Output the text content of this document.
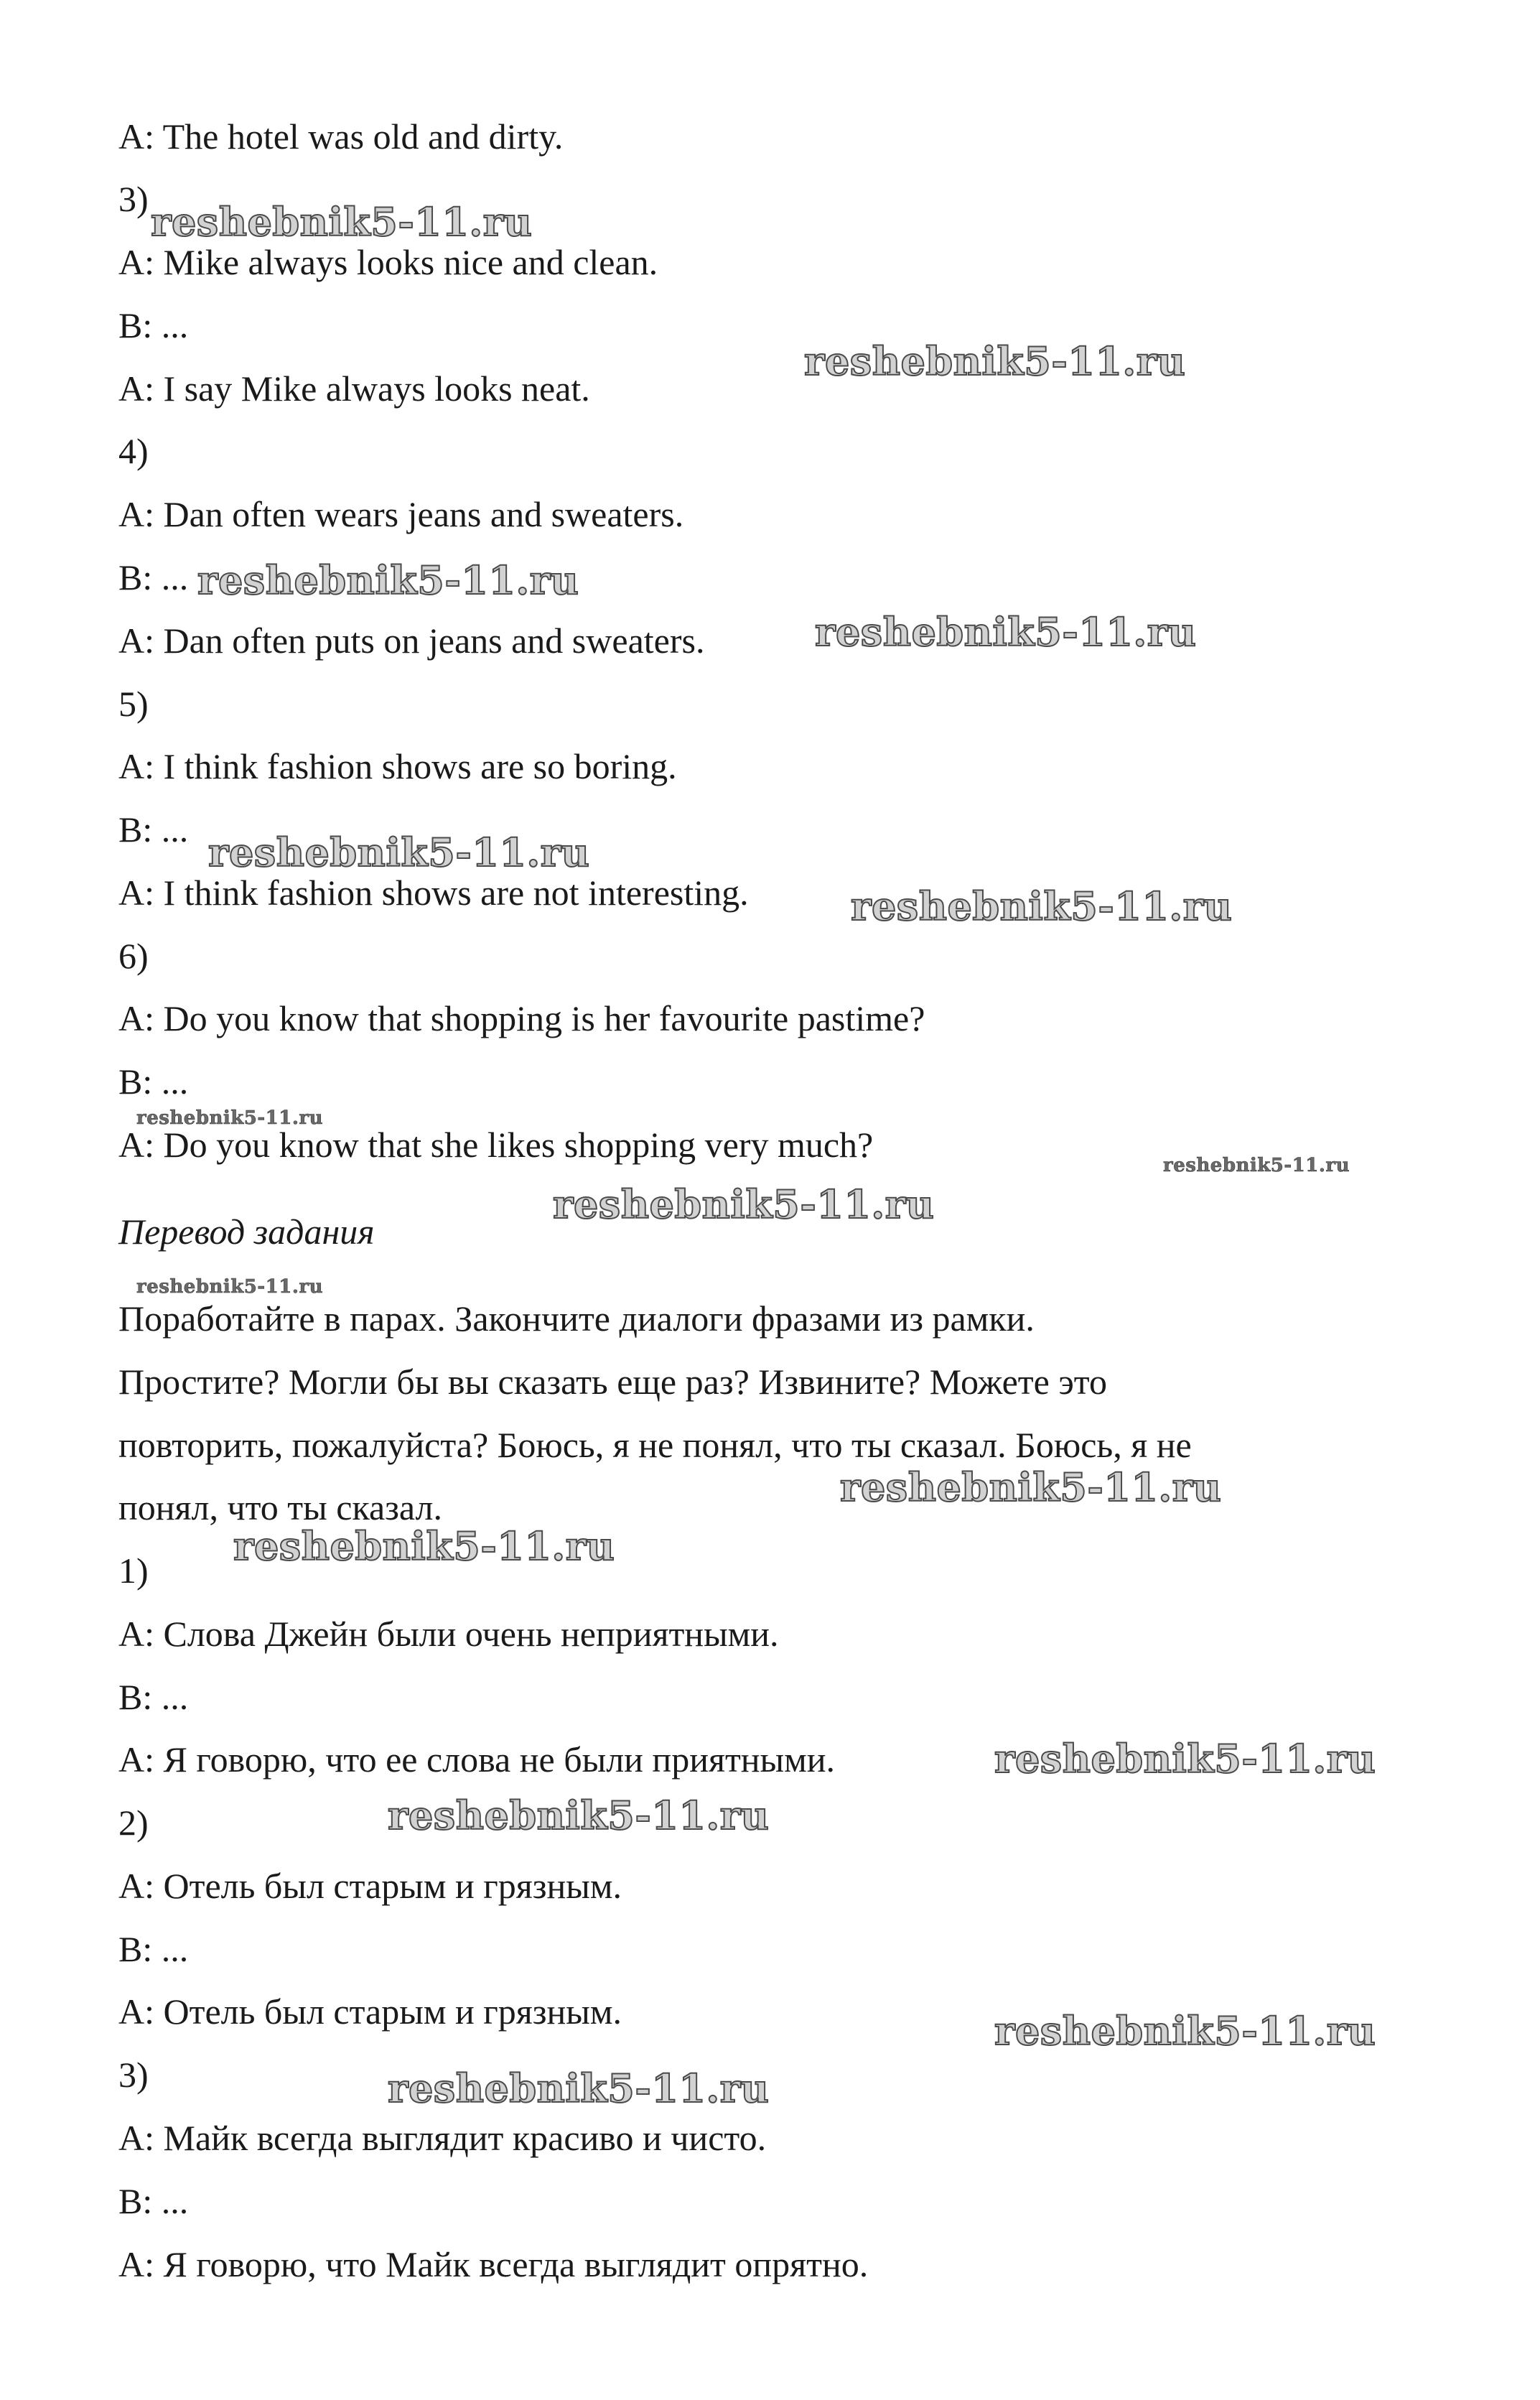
A: The hotel was old and dirty.
3)
A: Mike always looks nice and clean.
B: ...
A: I say Mike always looks neat.
4)
A: Dan often wears jeans and sweaters.
B: ...
A: Dan often puts on jeans and sweaters.
5)
A: I think fashion shows are so boring.
B: ...
A: I think fashion shows are not interesting.
6)
A: Do you know that shopping is her favourite pastime?
B: ...
A: Do you know that she likes shopping very much?
Перевод задания
Поработайте в парах. Закончите диалоги фразами из рамки.
Простите? Могли бы вы сказать еще раз? Извините? Можете это
повторить, пожалуйста? Боюсь, я не понял, что ты сказал. Боюсь, я не
понял, что ты сказал.
1)
A: Слова Джейн были очень неприятными.
B: ...
A: Я говорю, что ее слова не были приятными.
2)
A: Отель был старым и грязным.
B: ...
A: Отель был старым и грязным.
3)
A: Майк всегда выглядит красиво и чисто.
B: ...
A: Я говорю, что Майк всегда выглядит опрятно.
reshebnik5-11.ru
reshebnik5-11.ru
reshebnik5-11.ru
reshebnik5-11.ru
reshebnik5-11.ru
reshebnik5-11.ru
reshebnik5-11.ru
reshebnik5-11.ru
reshebnik5-11.ru
reshebnik5-11.ru
reshebnik5-11.ru
reshebnik5-11.ru
reshebnik5-11.ru
reshebnik5-11.ru
reshebnik5-11.ru
reshebnik5-11.ru
